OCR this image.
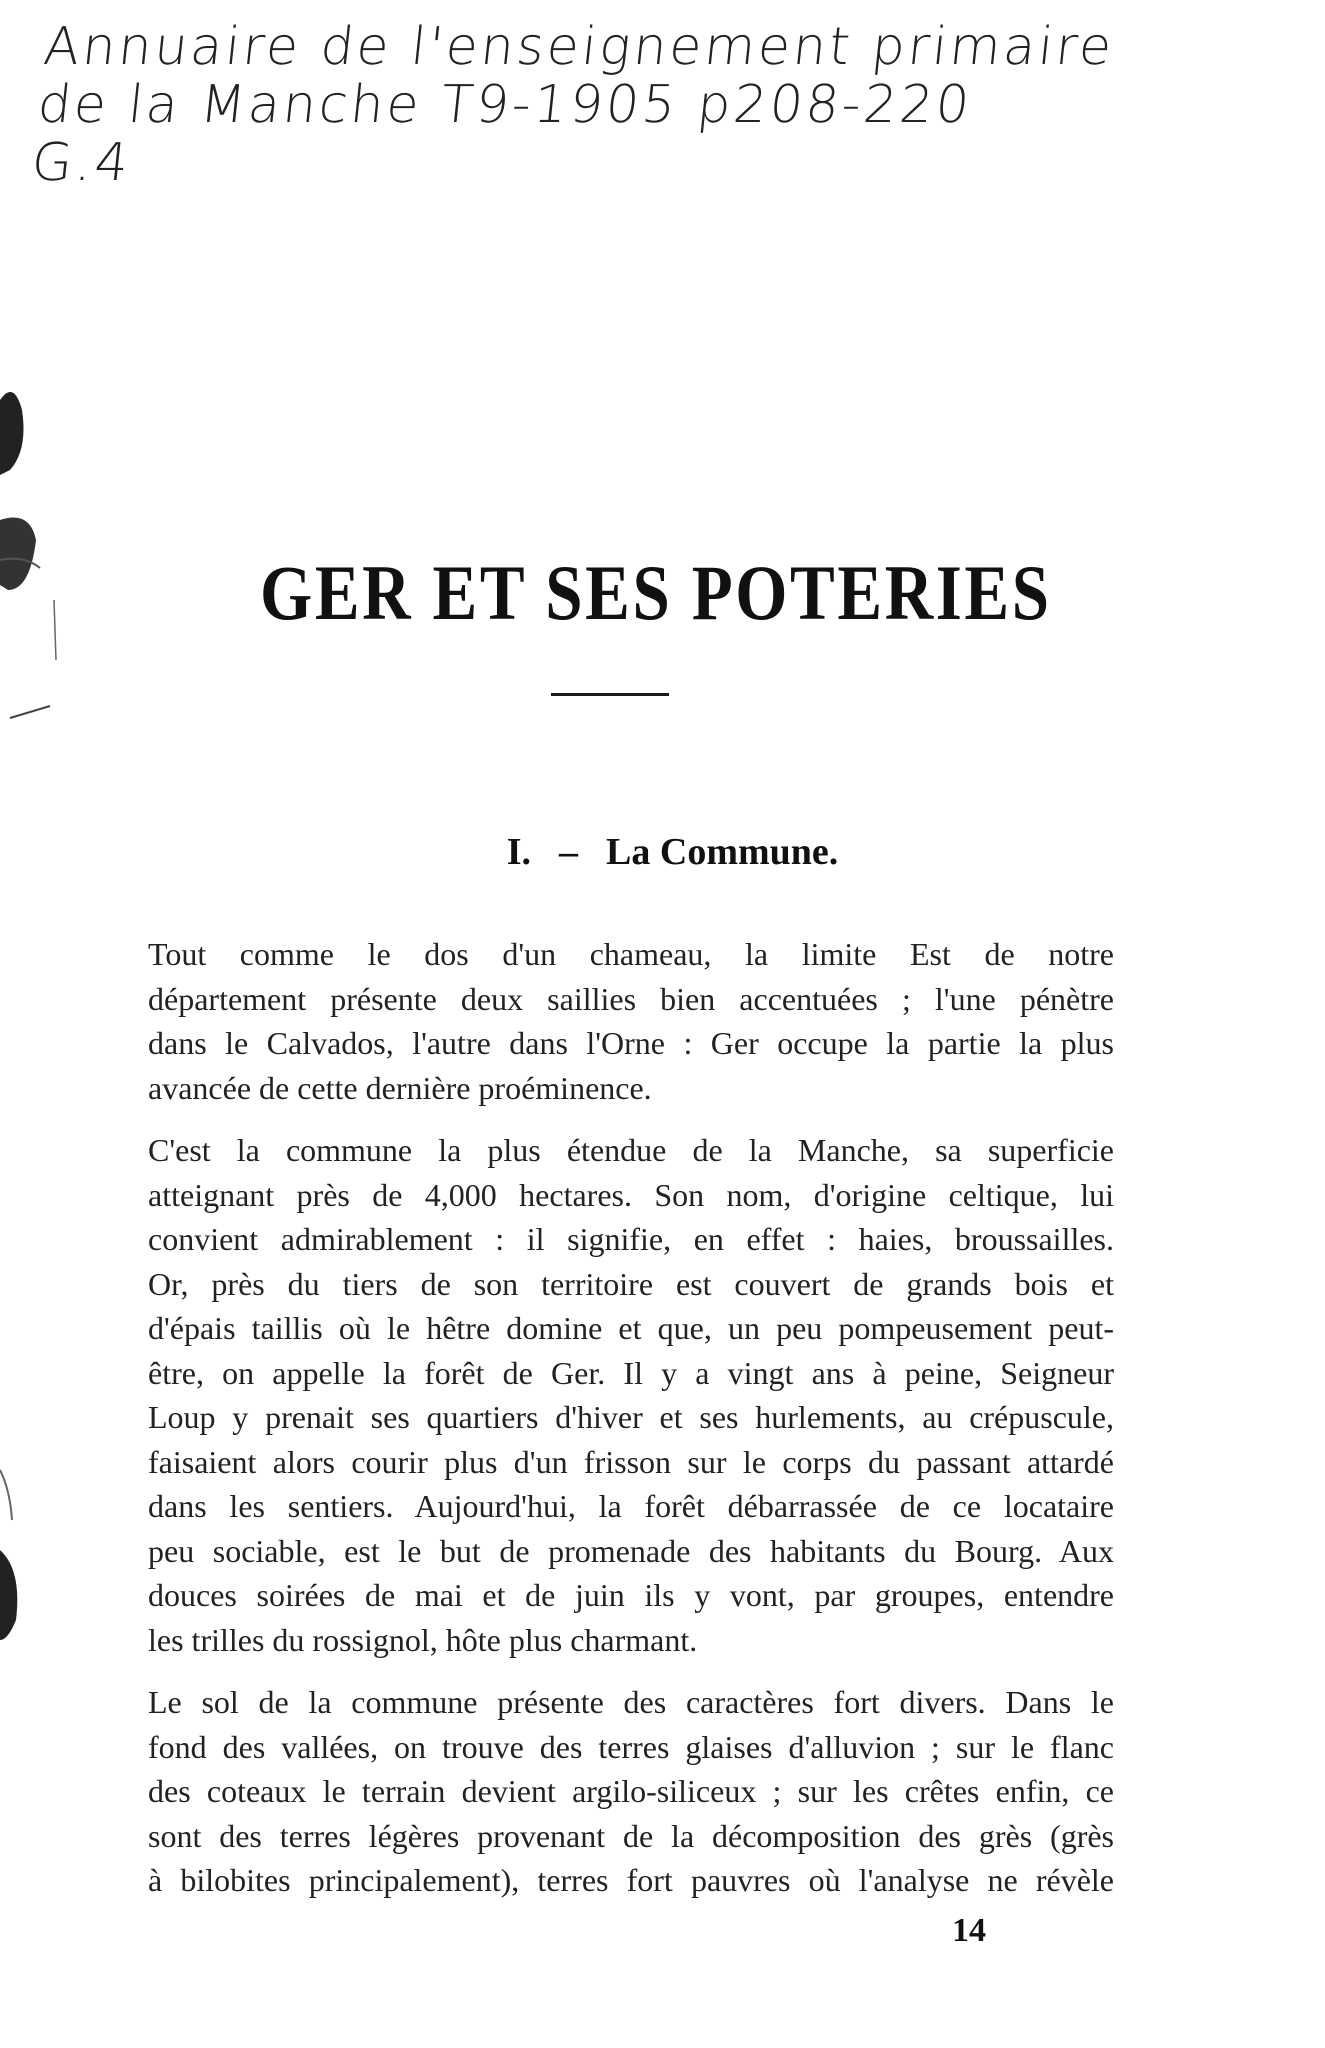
Annuaire de l'enseignement primaire
de la Manche T9-1905 p208-220
G.4
GER ET SES POTERIES
I. – La Commune.

Tout comme le dos d'un chameau, la limite Est de notre
département présente deux saillies bien accentuées ; l'une pénètre
dans le Calvados, l'autre dans l'Orne : Ger occupe la partie la plus
avancée de cette dernière proéminence.

C'est la commune la plus étendue de la Manche, sa superficie
atteignant près de 4,000 hectares. Son nom, d'origine celtique, lui
convient admirablement : il signifie, en effet : haies, broussailles.
Or, près du tiers de son territoire est couvert de grands bois et
d'épais taillis où le hêtre domine et que, un peu pompeusement peut-
être, on appelle la forêt de Ger. Il y a vingt ans à peine, Seigneur
Loup y prenait ses quartiers d'hiver et ses hurlements, au crépuscule,
faisaient alors courir plus d'un frisson sur le corps du passant attardé
dans les sentiers. Aujourd'hui, la forêt débarrassée de ce locataire
peu sociable, est le but de promenade des habitants du Bourg. Aux
douces soirées de mai et de juin ils y vont, par groupes, entendre
les trilles du rossignol, hôte plus charmant.

Le sol de la commune présente des caractères fort divers. Dans le
fond des vallées, on trouve des terres glaises d'alluvion ; sur le flanc
des coteaux le terrain devient argilo-siliceux ; sur les crêtes enfin, ce
sont des terres légères provenant de la décomposition des grès (grès
à bilobites principalement), terres fort pauvres où l'analyse ne révèle

14
